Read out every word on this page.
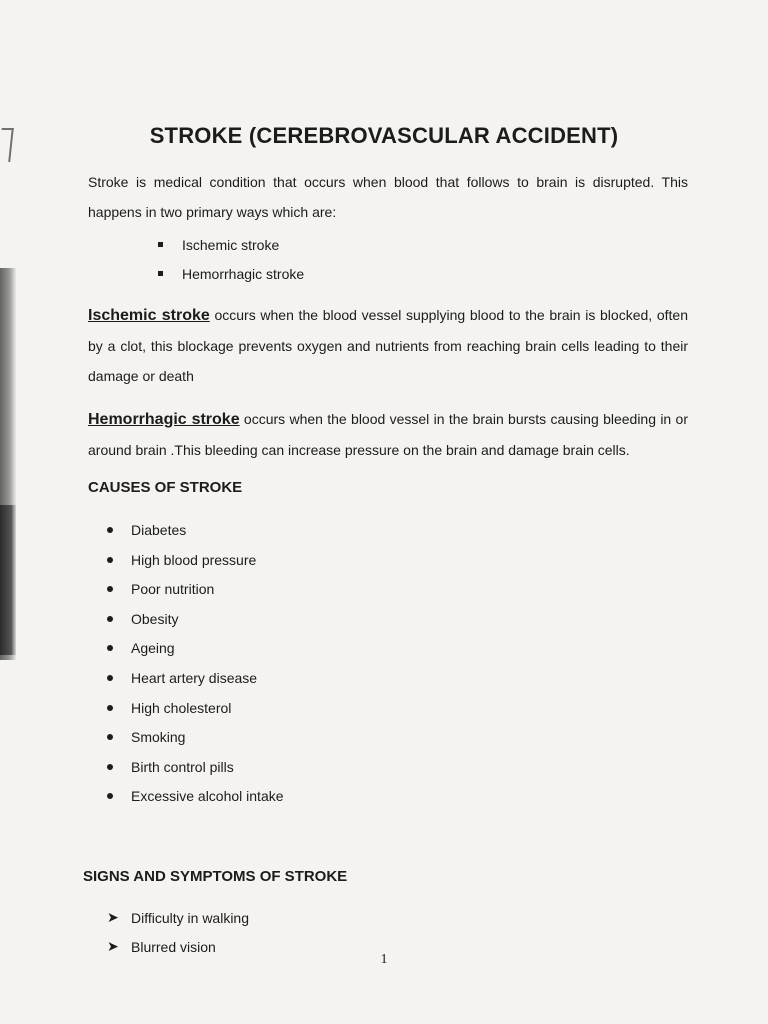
STROKE (CEREBROVASCULAR ACCIDENT)
Stroke is medical condition that occurs when blood that follows to brain is disrupted. This happens in two primary ways which are:
Ischemic stroke
Hemorrhagic stroke
Ischemic stroke occurs when the blood vessel supplying blood to the brain is blocked, often by a clot, this blockage prevents oxygen and nutrients from reaching brain cells leading to their damage or death
Hemorrhagic stroke occurs when the blood vessel in the brain bursts causing bleeding in or around brain .This bleeding can increase pressure on the brain and damage brain cells.
CAUSES OF STROKE
Diabetes
High blood pressure
Poor nutrition
Obesity
Ageing
Heart artery disease
High cholesterol
Smoking
Birth control pills
Excessive alcohol intake
SIGNS AND SYMPTOMS OF STROKE
➤ Difficulty in walking
➤ Blurred vision
1
